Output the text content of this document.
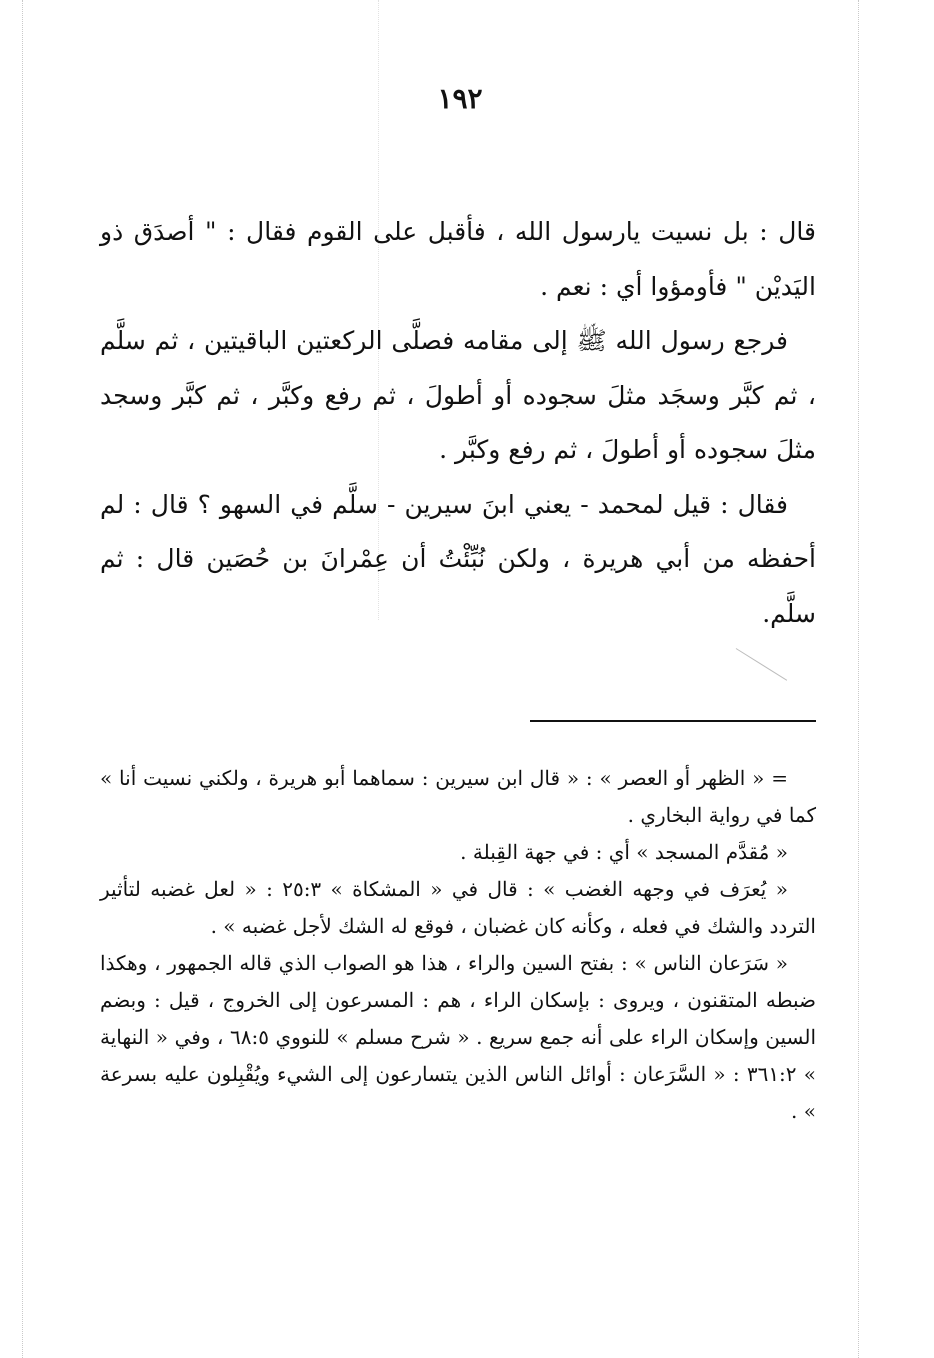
١٩٢

قال : بل نسيت يارسول الله ، فأقبل على القوم فقال : " أصدَق ذو اليَديْن " فأومؤوا أي : نعم .

فرجع رسول الله ﷺ إلى مقامه فصلَّى الركعتين الباقيتين ، ثم سلَّم ، ثم كبَّر وسجَد مثلَ سجوده أو أطولَ ، ثم رفع وكبَّر ، ثم كبَّر وسجد مثلَ سجوده أو أطولَ ، ثم رفع وكبَّر .

فقال : قيل لمحمد - يعني ابنَ سيرين - سلَّم في السهو ؟ قال : لم أحفظه من أبي هريرة ، ولكن نُبِّئْتُ أن عِمْرانَ بن حُصَين قال : ثم سلَّم.

= « الظهر أو العصر » : « قال ابن سيرين : سماهما أبو هريرة ، ولكني نسيت أنا » كما في رواية البخاري .

« مُقدَّم المسجد » أي : في جهة القِبلة .

« يُعرَف في وجهه الغضب » : قال في « المشكاة » ٢٥:٣ : « لعل غضبه لتأثير التردد والشك في فعله ، وكأنه كان غضبان ، فوقع له الشك لأجل غضبه » .

« سَرَعان الناس » : بفتح السين والراء ، هذا هو الصواب الذي قاله الجمهور ، وهكذا ضبطه المتقنون ، ويروى : بإسكان الراء ، هم : المسرعون إلى الخروج ، قيل : وبضم السين وإسكان الراء على أنه جمع سريع . « شرح مسلم » للنووي ٦٨:٥ ، وفي « النهاية » ٣٦١:٢ : « السَّرَعان : أوائل الناس الذين يتسارعون إلى الشيء ويُقْبِلون عليه بسرعة » .
